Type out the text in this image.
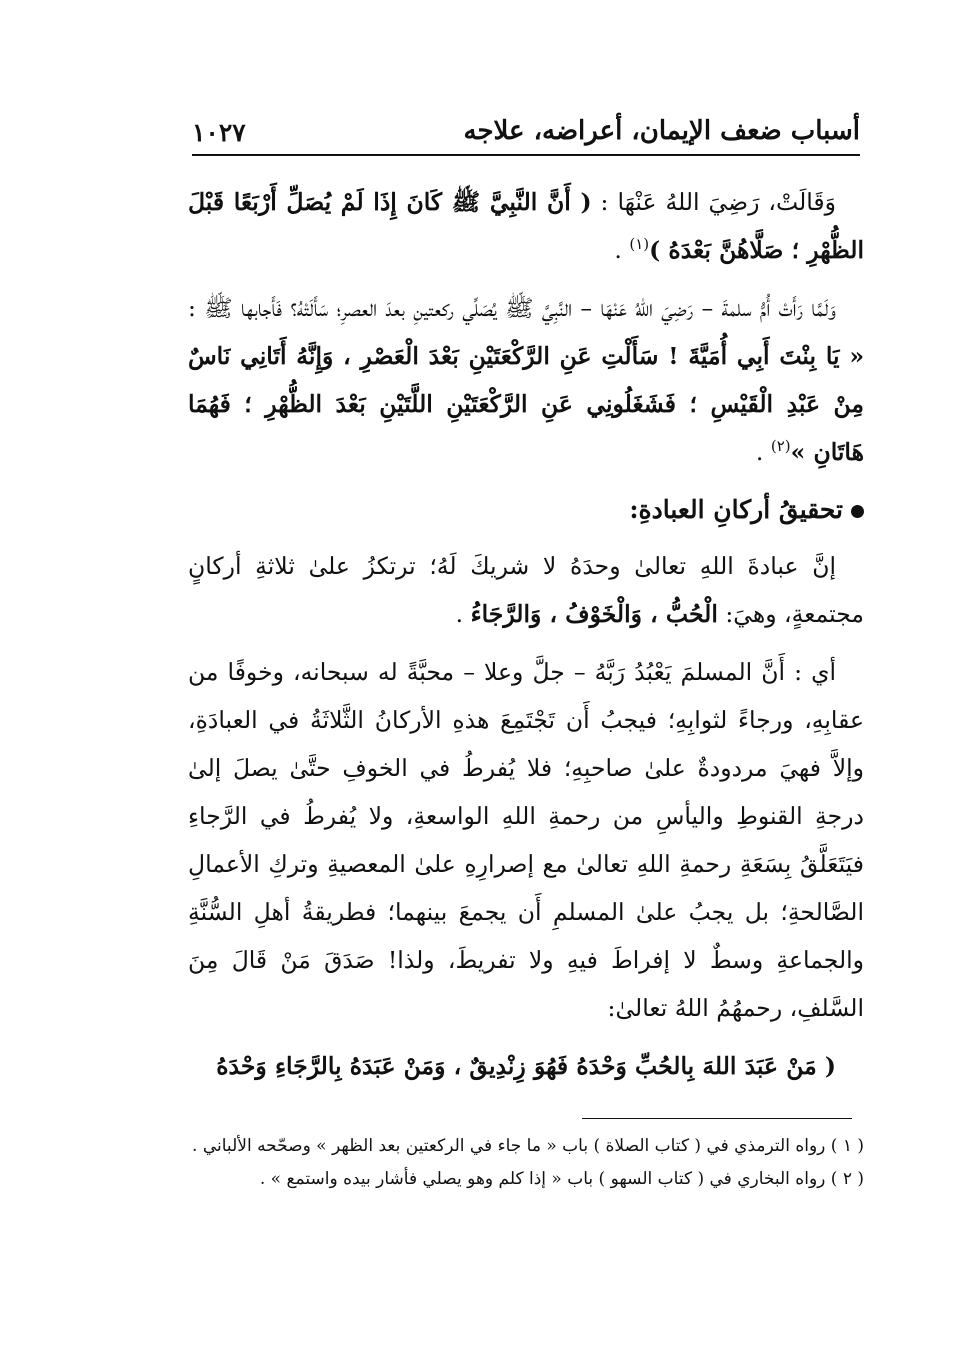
١٠٢٧	أسباب ضعف الإيمان، أعراضه، علاجه

وَقَالَتْ، رَضِيَ اللهُ عَنْهَا : ( أَنَّ النَّبِيَّ ﷺ كَانَ إِذَا لَمْ يُصَلِّ أَرْبَعًا قَبْلَ الظُّهْرِ ؛ صَلَّاهُنَّ بَعْدَهُ )$^{(١)}$ .

وَلَمَّا رَأَتْ أُمُّ سلمةَ – رَضِيَ اللهُ عَنْهَا – النَّبِيَّ ﷺ يُصَلِّي ركعتينِ بعدَ العصرِ؛ سَأَلَتْهُ؟ فَأَجابها ﷺ : « يَا بِنْتَ أَبِي أُمَيَّةَ ! سَأَلْتِ عَنِ الرَّكْعَتَيْنِ بَعْدَ الْعَصْرِ ، وَإِنَّهُ أَتَانِي نَاسٌ مِنْ عَبْدِ الْقَيْسِ ؛ فَشَغَلُونِي عَنِ الرَّكْعَتَيْنِ اللَّتَيْنِ بَعْدَ الظُّهْرِ ؛ فَهُمَا هَاتَانِ »$^{(٢)}$ .

تحقيقُ أركانِ العبادةِ:

إنَّ عبادةَ اللهِ تعالىٰ وحدَهُ لا شريكَ لَهُ؛ ترتكزُ علىٰ ثلاثةِ أركانٍ مجتمعةٍ، وهيَ: الْحُبُّ ، وَالْخَوْفُ ، وَالرَّجَاءُ .

أي : أَنَّ المسلمَ يَعْبُدُ رَبَّهُ – جلَّ وعلا – محبَّةً له سبحانه، وخوفًا من عقابِهِ، ورجاءً لثوابِهِ؛ فيجبُ أَن تَجْتَمِعَ هذهِ الأركانُ الثَّلاثَةُ في العبادَةِ، وإلاَّ فهيَ مردودةٌ علىٰ صاحبِهِ؛ فلا يُفرطُ في الخوفِ حتَّىٰ يصلَ إلىٰ درجةِ القنوطِ واليأسِ من رحمةِ اللهِ الواسعةِ، ولا يُفرطُ في الرَّجاءِ فيَتَعَلَّقُ بِسَعَةِ رحمةِ اللهِ تعالىٰ مع إصرارِهِ علىٰ المعصيةِ وتركِ الأعمالِ الصَّالحةِ؛ بل يجبُ علىٰ المسلمِ أَن يجمعَ بينهما؛ فطريقةُ أهلِ السُّنَّةِ والجماعةِ وسطٌ لا إفراطَ فيهِ ولا تفريطَ، ولذا! صَدَقَ مَنْ قَالَ مِنَ السَّلفِ، رحمهُمُ اللهُ تعالىٰ:

( مَنْ عَبَدَ اللهَ بِالحُبِّ وَحْدَهُ فَهُوَ زِنْدِيقٌ ، وَمَنْ عَبَدَهُ بِالرَّجَاءِ وَحْدَهُ

( ١ ) رواه الترمذي في ( كتاب الصلاة ) باب « ما جاء في الركعتين بعد الظهر » وصحّحه الألباني .

( ٢ ) رواه البخاري في ( كتاب السهو ) باب « إذا كلم وهو يصلي فأشار بيده واستمع » .
